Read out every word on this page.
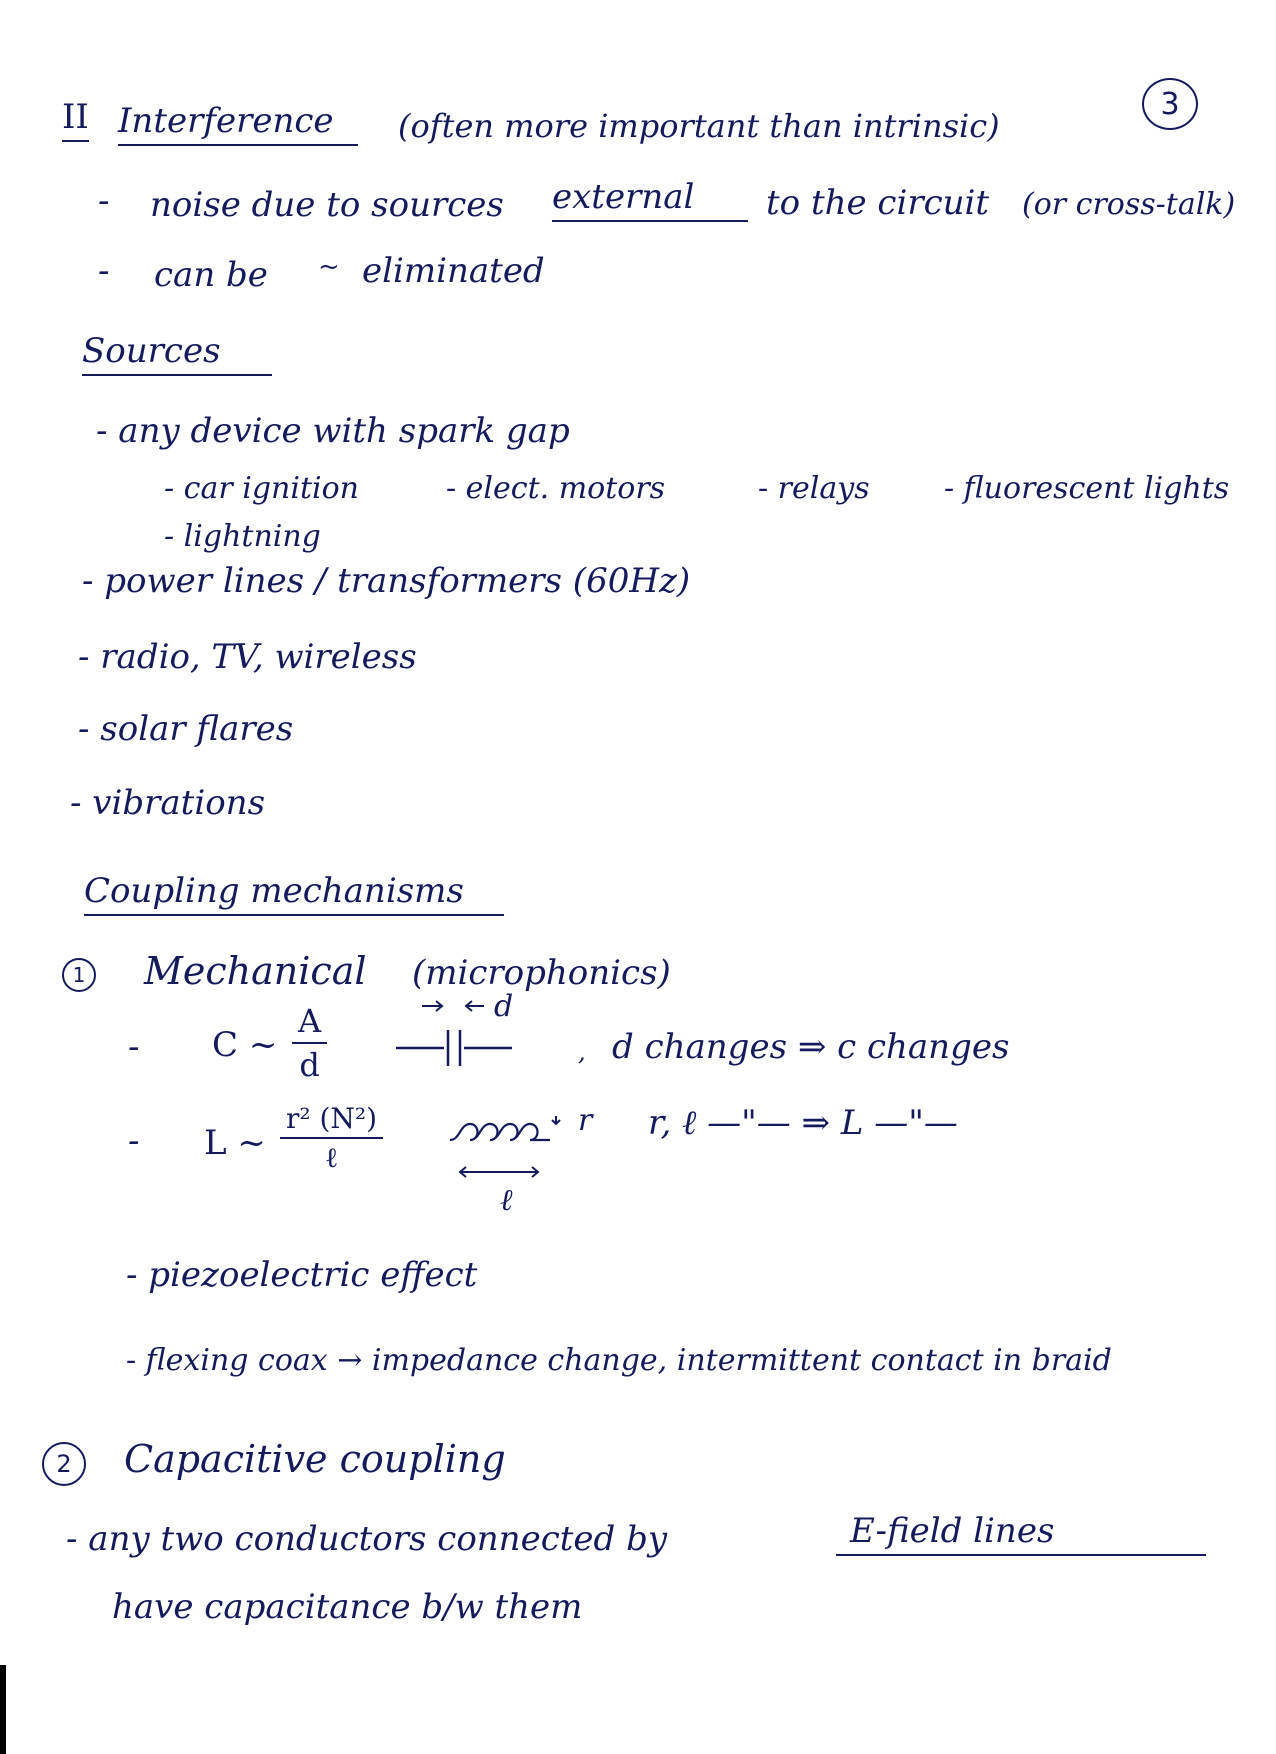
3
II Interference	(often more important than intrinsic)
- noise due to sources external	to the circuit (or cross-talk)
- can be ~ eliminated
Sources
- any device with spark gap
- car ignition	- elect. motors	- relays - fluorescent lights
- lightning
- power lines / transformers (60Hz)
- radio, TV, wireless
- solar flares
- vibrations
Coupling mechanisms
1 Mechanical (microphonics)
- C ~ $\frac{A}{d}$	d
, d changes ⇒ c changes
- L ~
r² (N²)
ℓ
r
ℓ
r, ℓ —"— ⇒ L —"—
- piezoelectric effect
- flexing coax → impedance change, intermittent contact in braid
2 Capacitive coupling
- any two conductors connected by	E-field lines
have capacitance b/w them
